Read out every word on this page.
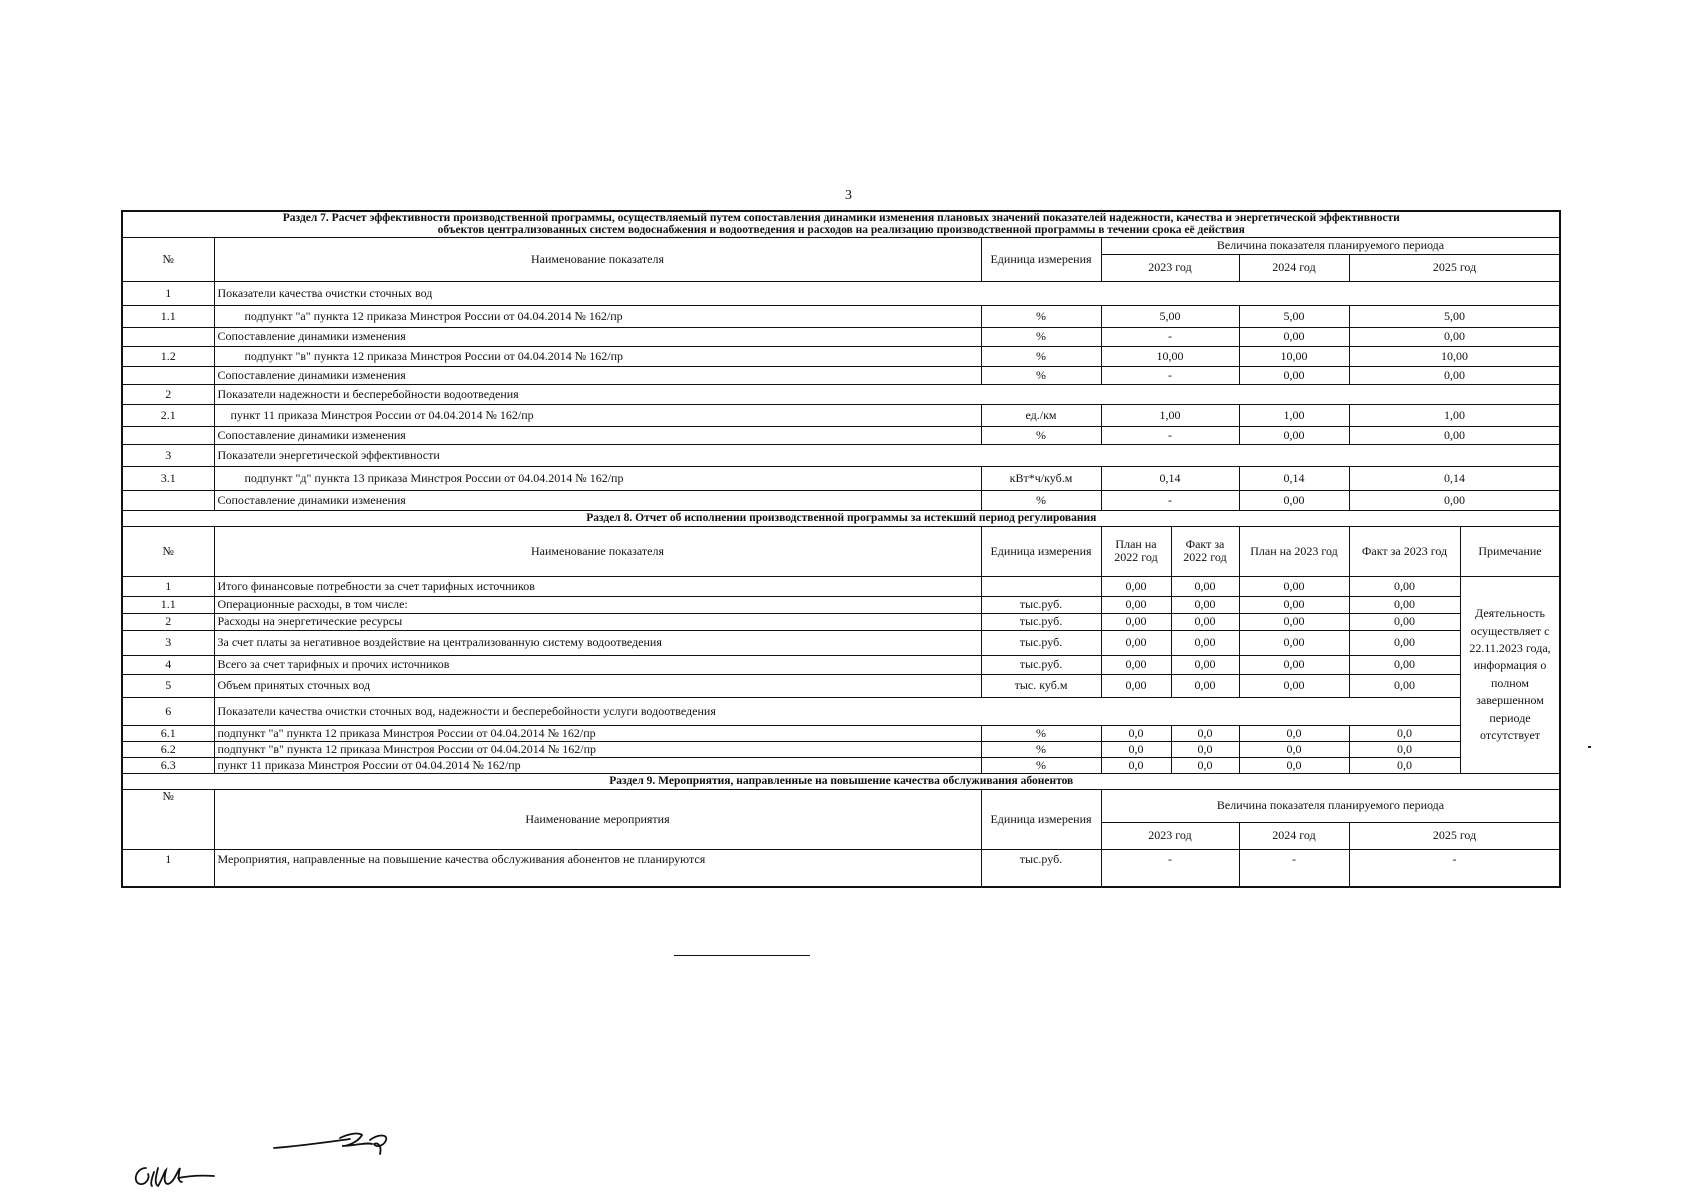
3
Раздел 7. Расчет эффективности производственной программы, осуществляемый путем сопоставления динамики изменения плановых значений показателей надежности, качества и энергетической эффективности
объектов централизованных систем водоснабжения и водоотведения и расходов на реализацию производственной программы в течении срока её действия								

№	Наименование показателя	Единица измерения	Величина показателя планируемого периода					
			2023 год		2024 год	2025 год	
1	Показатели качества очистки сточных вод							
1.1	подпункт "а" пункта 12 приказа Минстроя России от 04.04.2014 № 162/пр	%	5,00		5,00	5,00	
	Сопоставление динамики изменения	%	-		0,00	0,00	
1.2	подпункт "в" пункта 12 приказа Минстроя России от 04.04.2014 № 162/пр	%	10,00		10,00	10,00	
	Сопоставление динамики изменения	%	-		0,00	0,00	
2	Показатели надежности и бесперебойности водоотведения							
2.1	пункт 11 приказа Минстроя России от 04.04.2014 № 162/пр	ед./км	1,00		1,00	1,00	
	Сопоставление динамики изменения	%	-		0,00	0,00	
3	Показатели энергетической эффективности							
3.1	подпункт "д" пункта 13 приказа Минстроя России от 04.04.2014 № 162/пр	кВт*ч/куб.м	0,14		0,14	0,14	
	Сопоставление динамики изменения	%	-		0,00	0,00	
Раздел 8. Отчет об исполнении производственной программы за истекший период регулирования								
№	Наименование показателя	Единица измерения	План на 2022 год	Факт за 2022 год	План на 2023 год	Факт за 2023 год	Примечание	
1	Итого финансовые потребности за счет тарифных источников		0,00	0,00	0,00	0,00	Деятельность осуществляет с 22.11.2023 года, информация о полном завершенном периоде отсутствует	
1.1	Операционные расходы, в том числе:	тыс.руб.	0,00	0,00	0,00	0,00		
2	Расходы на энергетические ресурсы	тыс.руб.	0,00	0,00	0,00	0,00		
3	За счет платы за негативное воздействие на централизованную систему водоотведения	тыс.руб.	0,00	0,00	0,00	0,00		
4	Всего за счет тарифных и прочих источников	тыс.руб.	0,00	0,00	0,00	0,00		
5	Объем принятых сточных вод	тыс. куб.м	0,00	0,00	0,00	0,00		
6	Показатели качества очистки сточных вод, надежности и бесперебойности услуги водоотведения							
6.1	подпункт "а" пункта 12 приказа Минстроя России от 04.04.2014 № 162/пр	%	0,0	0,0	0,0	0,0		
6.2	подпункт "в" пункта 12 приказа Минстроя России от 04.04.2014 № 162/пр	%	0,0	0,0	0,0	0,0		
6.3	пункт 11 приказа Минстроя России от 04.04.2014 № 162/пр	%	0,0	0,0	0,0	0,0		
Раздел 9. Мероприятия, направленные на повышение качества обслуживания абонентов								
№	Наименование мероприятия	Единица измерения	Величина показателя планируемого периода					
			2023 год		2024 год	2025 год	
1	Мероприятия, направленные на повышение качества обслуживания абонентов не планируются	тыс.руб.	-		-	-	
